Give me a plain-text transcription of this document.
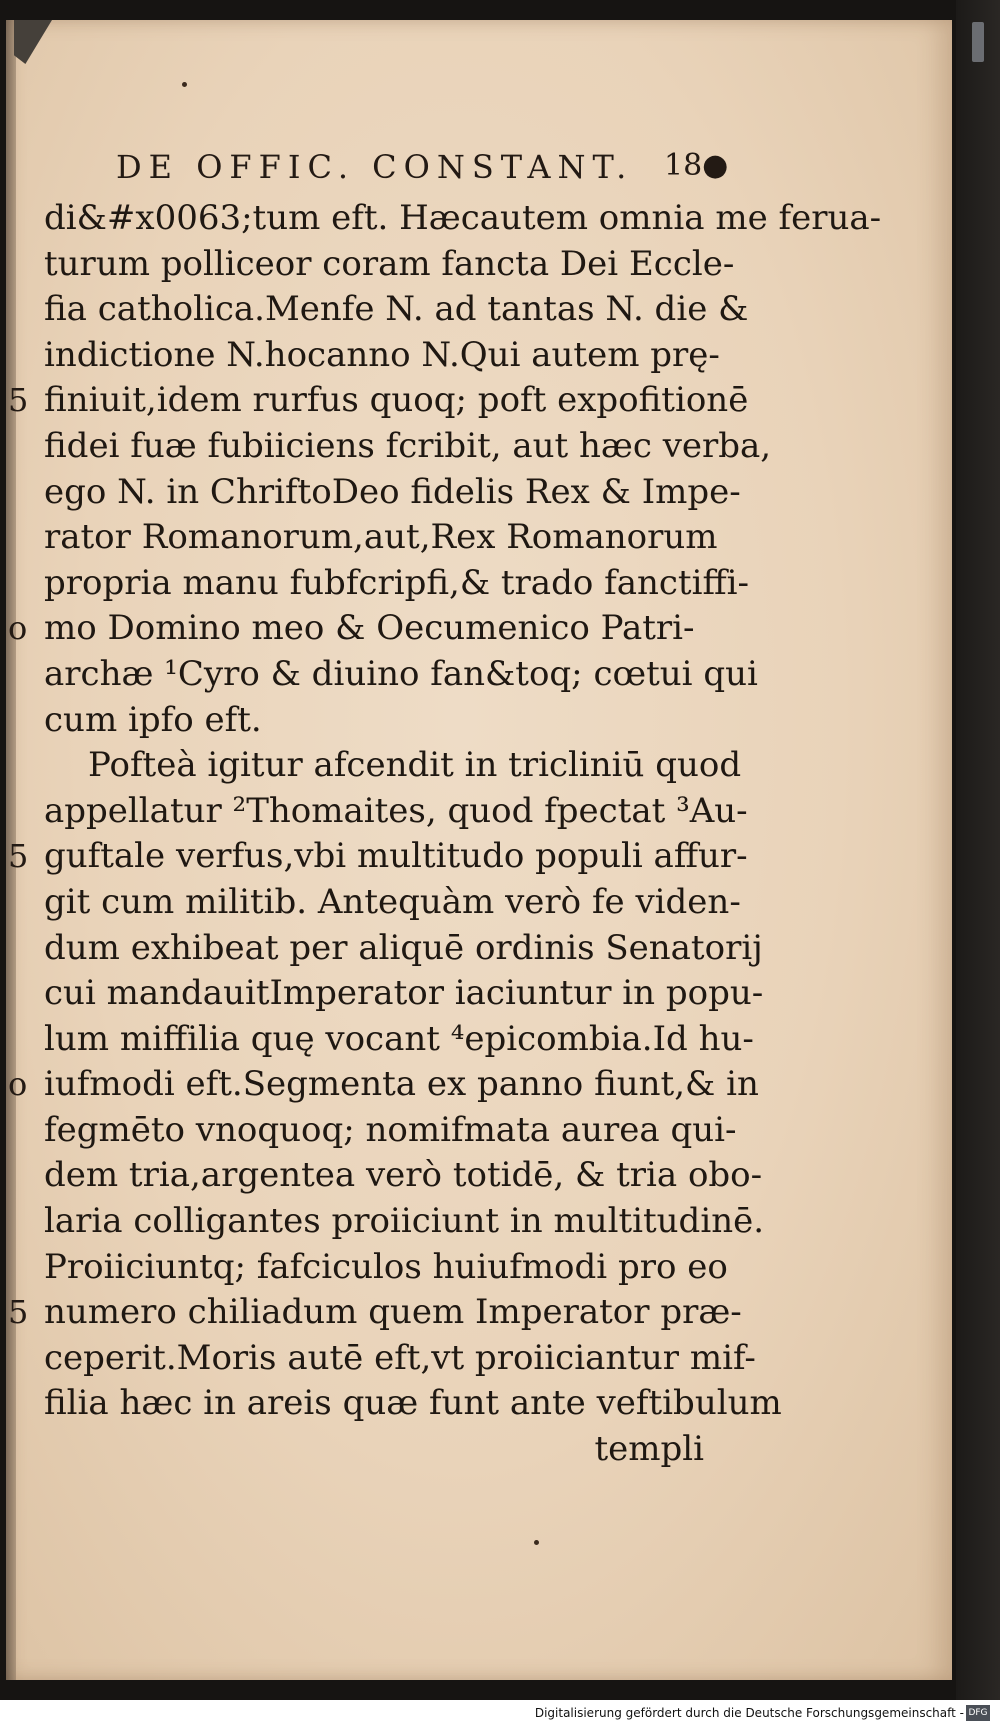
DE OFFIC. CONSTANT.	18●
5
o
5
o
5
di&#x0063;tum eft. Hæcautem omnia me ferua-
turum polliceor coram fancta Dei Eccle-
fia catholica.Menfe N. ad tantas N. die &
indictione N.hocanno N.Qui autem prę-
finiuit,idem rurfus quoq; poft expofitionē
fidei fuæ fubiiciens fcribit, aut hæc verba,
ego N. in ChriftoDeo fidelis Rex & Impe-
rator Romanorum,aut,Rex Romanorum
propria manu fubfcripfi,& trado fanctiffi-
mo Domino meo & Oecumenico Patri-
archæ ¹Cyro & diuino fan&toq; cœtui qui
cum ipfo eft.
Pofteà igitur afcendit in tricliniū quod
appellatur ²Thomaites, quod fpectat ³Au-
guftale verfus,vbi multitudo populi affur-
git cum militib. Antequàm verò fe viden-
dum exhibeat per aliquē ordinis Senatorij
cui mandauitImperator iaciuntur in popu-
lum miffilia quę vocant ⁴epicombia.Id hu-
iufmodi eft.Segmenta ex panno fiunt,& in
fegmēto vnoquoq; nomifmata aurea qui-
dem tria,argentea verò totidē, & tria obo-
laria colligantes proiiciunt in multitudinē.
Proiiciuntq; fafciculos huiufmodi pro eo
numero chiliadum quem Imperator præ-
ceperit.Moris autē eft,vt proiiciantur mif-
filia hæc in areis quæ funt ante veftibulum
templi
Digitalisierung gefördert durch die Deutsche Forschungsgemeinschaft - DFG
